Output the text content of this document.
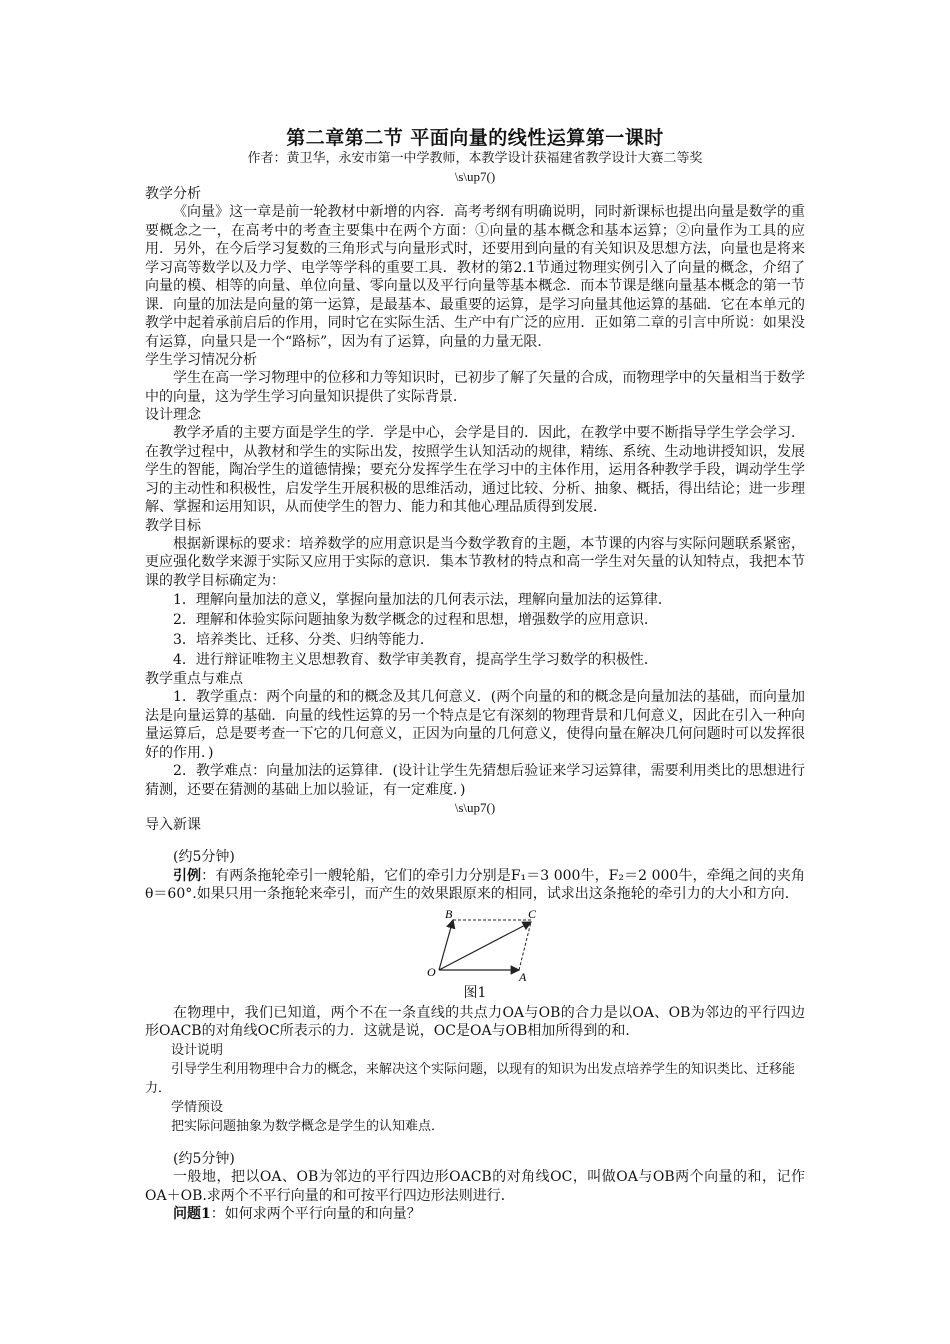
第二章第二节 平面向量的线性运算第一课时

作者：黄卫华，永安市第一中学教师，本教学设计获福建省教学设计大赛二等奖

\s\up7()

教学分析

《向量》这一章是前一轮教材中新增的内容．高考考纲有明确说明，同时新课标也提出向量是数学的重要概念之一，在高考中的考查主要集中在两个方面：①向量的基本概念和基本运算；②向量作为工具的应用．另外，在今后学习复数的三角形式与向量形式时，还要用到向量的有关知识及思想方法，向量也是将来学习高等数学以及力学、电学等学科的重要工具．教材的第2.1节通过物理实例引入了向量的概念，介绍了向量的模、相等的向量、单位向量、零向量以及平行向量等基本概念．而本节课是继向量基本概念的第一节课．向量的加法是向量的第一运算，是最基本、最重要的运算，是学习向量其他运算的基础．它在本单元的教学中起着承前启后的作用，同时它在实际生活、生产中有广泛的应用．正如第二章的引言中所说：如果没有运算，向量只是一个“路标”，因为有了运算，向量的力量无限．

学生学习情况分析

学生在高一学习物理中的位移和力等知识时，已初步了解了矢量的合成，而物理学中的矢量相当于数学中的向量，这为学生学习向量知识提供了实际背景．

设计理念

教学矛盾的主要方面是学生的学．学是中心，会学是目的．因此，在教学中要不断指导学生学会学习．在教学过程中，从教材和学生的实际出发，按照学生认知活动的规律，精练、系统、生动地讲授知识，发展学生的智能，陶冶学生的道德情操；要充分发挥学生在学习中的主体作用，运用各种教学手段，调动学生学习的主动性和积极性，启发学生开展积极的思维活动，通过比较、分析、抽象、概括，得出结论；进一步理解、掌握和运用知识，从而使学生的智力、能力和其他心理品质得到发展．

教学目标

根据新课标的要求：培养数学的应用意识是当今数学教育的主题，本节课的内容与实际问题联系紧密，更应强化数学来源于实际又应用于实际的意识．集本节教材的特点和高一学生对矢量的认知特点，我把本节课的教学目标确定为：

1．理解向量加法的意义，掌握向量加法的几何表示法，理解向量加法的运算律．

2．理解和体验实际问题抽象为数学概念的过程和思想，增强数学的应用意识．

3．培养类比、迁移、分类、归纳等能力．

4．进行辩证唯物主义思想教育、数学审美教育，提高学生学习数学的积极性．

教学重点与难点

1．教学重点：两个向量的和的概念及其几何意义．(两个向量的和的概念是向量加法的基础，而向量加法是向量运算的基础．向量的线性运算的另一个特点是它有深刻的物理背景和几何意义，因此在引入一种向量运算后，总是要考查一下它的几何意义，正因为向量的几何意义，使得向量在解决几何问题时可以发挥很好的作用．)

2．教学难点：向量加法的运算律．(设计让学生先猜想后验证来学习运算律，需要利用类比的思想进行猜测，还要在猜测的基础上加以验证，有一定难度．)

\s\up7()

导入新课

(约5分钟)

引例：有两条拖轮牵引一艘轮船，它们的牵引力分别是F₁＝3 000牛，F₂＝2 000牛，牵绳之间的夹角θ＝60°.如果只用一条拖轮来牵引，而产生的效果跟原来的相同，试求出这条拖轮的牵引力的大小和方向．

B	C
O	A

图1

在物理中，我们已知道，两个不在一条直线的共点力OA与OB的合力是以OA、OB为邻边的平行四边形OACB的对角线OC所表示的力．这就是说，OC是OA与OB相加所得到的和．

设计说明

引导学生利用物理中合力的概念，来解决这个实际问题，以现有的知识为出发点培养学生的知识类比、迁移能力．

学情预设

把实际问题抽象为数学概念是学生的认知难点．

(约5分钟)

一般地，把以OA、OB为邻边的平行四边形OACB的对角线OC，叫做OA与OB两个向量的和，记作OA＋OB.求两个不平行向量的和可按平行四边形法则进行．

问题1：如何求两个平行向量的和向量？
